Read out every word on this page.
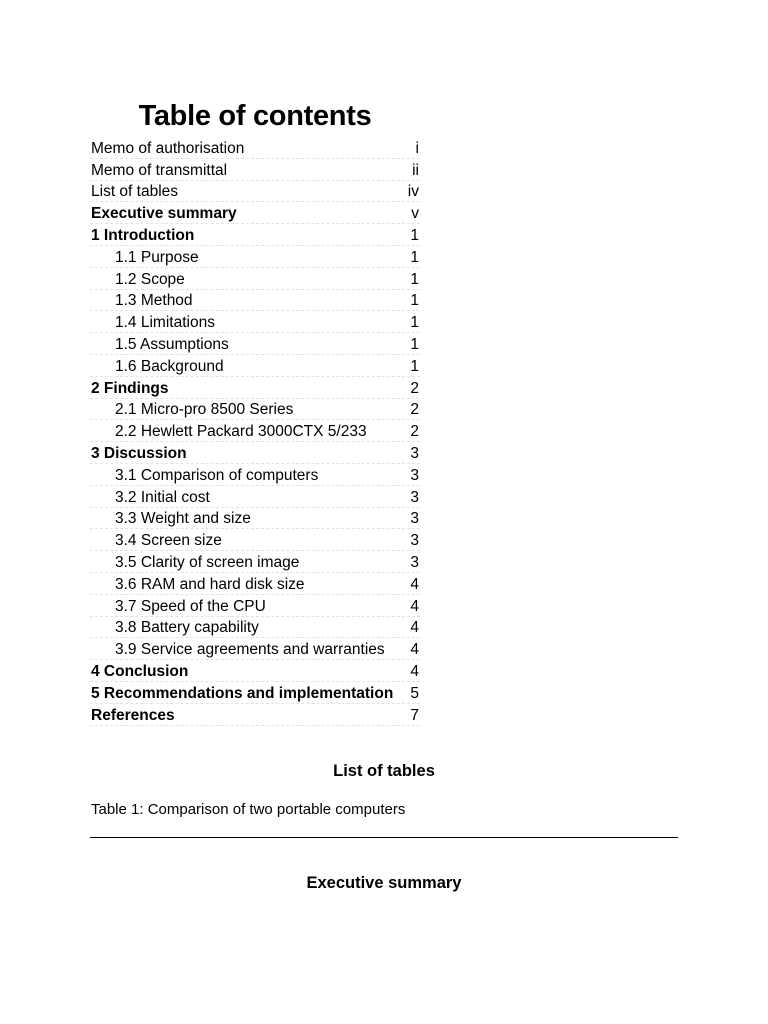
Table of contents
Memo of authorisation	i
Memo of transmittal	ii
List of tables	iv
Executive summary	v
1 Introduction	1
1.1 Purpose	1
1.2 Scope	1
1.3 Method	1
1.4 Limitations	1
1.5 Assumptions	1
1.6 Background	1
2 Findings	2
2.1 Micro-pro 8500 Series	2
2.2 Hewlett Packard 3000CTX 5/233	2
3 Discussion	3
3.1 Comparison of computers	3
3.2 Initial cost	3
3.3 Weight and size	3
3.4 Screen size	3
3.5 Clarity of screen image	3
3.6 RAM and hard disk size	4
3.7 Speed of the CPU	4
3.8 Battery capability	4
3.9 Service agreements and warranties	4
4 Conclusion	4
5 Recommendations and implementation	5
References	7
List of tables
Table 1: Comparison of two portable computers
Executive summary
